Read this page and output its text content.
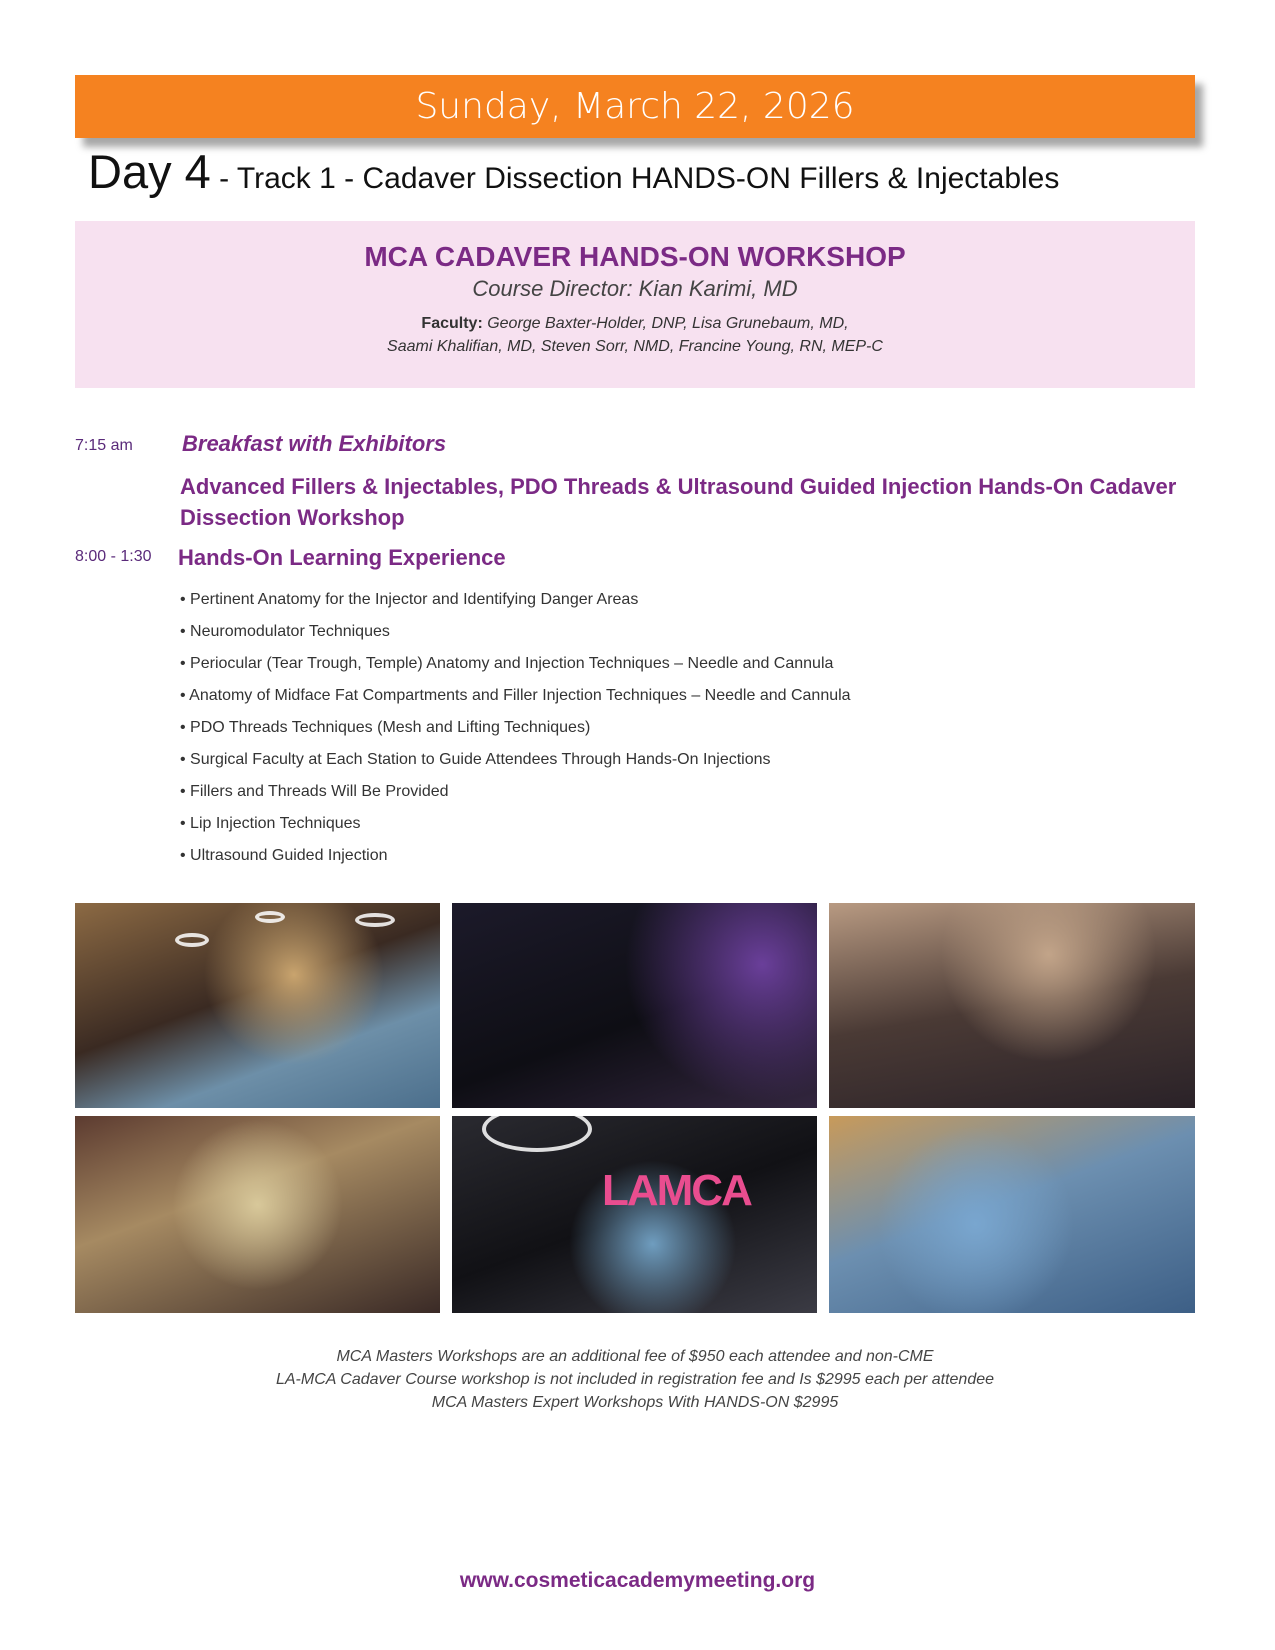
Sunday, March 22, 2026
Day 4 - Track 1 - Cadaver Dissection HANDS-ON Fillers & Injectables
MCA CADAVER HANDS-ON WORKSHOP
Course Director: Kian Karimi, MD
Faculty: George Baxter-Holder, DNP, Lisa Grunebaum, MD,
Saami Khalifian, MD, Steven Sorr, NMD, Francine Young, RN, MEP-C
7:15 am Breakfast with Exhibitors
Advanced Fillers & Injectables, PDO Threads & Ultrasound Guided Injection Hands-On Cadaver Dissection Workshop
8:00 - 1:30 Hands-On Learning Experience
• Pertinent Anatomy for the Injector and Identifying Danger Areas
• Neuromodulator Techniques
• Periocular (Tear Trough, Temple) Anatomy and Injection Techniques – Needle and Cannula
• Anatomy of Midface Fat Compartments and Filler Injection Techniques – Needle and Cannula
• PDO Threads Techniques (Mesh and Lifting Techniques)
• Surgical Faculty at Each Station to Guide Attendees Through Hands-On Injections
• Fillers and Threads Will Be Provided
• Lip Injection Techniques
• Ultrasound Guided Injection
LAMCA
MCA Masters Workshops are an additional fee of $950 each attendee and non-CME
LA-MCA Cadaver Course workshop is not included in registration fee and Is $2995 each per attendee
MCA Masters Expert Workshops With HANDS-ON $2995
www.cosmeticacademymeeting.org
